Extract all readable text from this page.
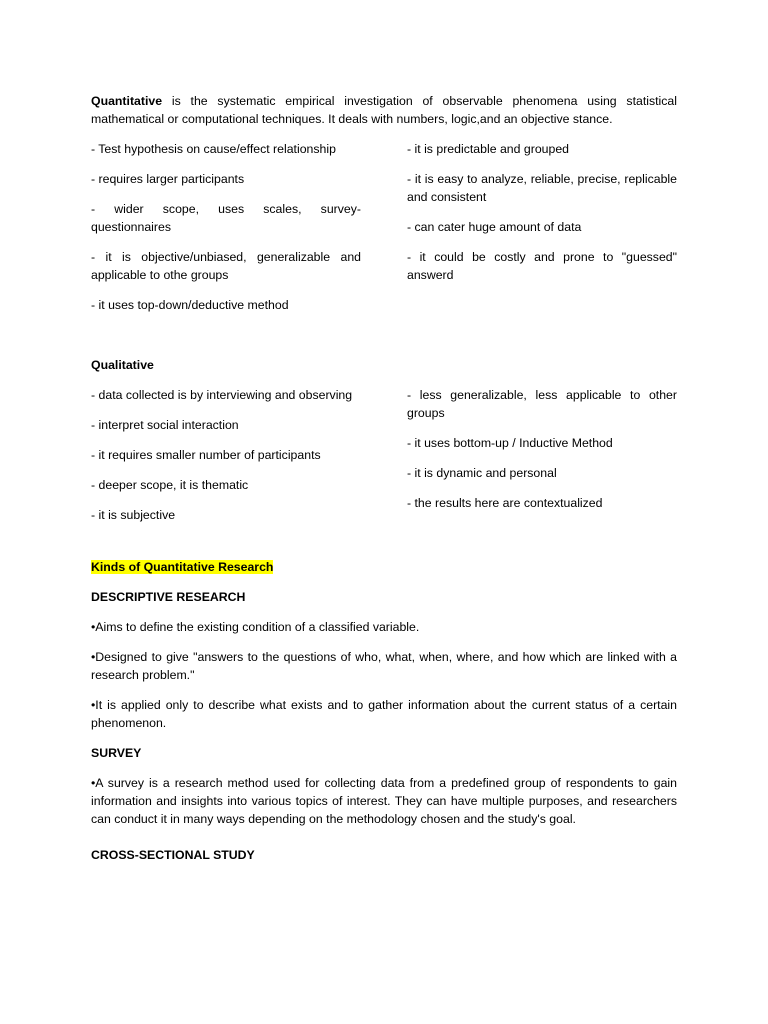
Quantitative is the systematic empirical investigation of observable phenomena using statistical mathematical or computational techniques. It deals with numbers, logic,and an objective stance.

- Test hypothesis on cause/effect relationship

- requires larger participants

- wider scope, uses scales, survey-questionnaires

- it is objective/unbiased, generalizable and applicable to othe groups

- it uses top-down/deductive method

- it is predictable and grouped

- it is easy to analyze, reliable, precise, replicable and consistent

- can cater huge amount of data

- it could be costly and prone to "guessed" answerd

Qualitative

- data collected is by interviewing and observing

- interpret social interaction

- it requires smaller number of participants

- deeper scope, it is thematic

- it is subjective

- less generalizable, less applicable to other groups

- it uses bottom-up / Inductive Method

- it is dynamic and personal

- the results here are contextualized

Kinds of Quantitative Research

DESCRIPTIVE RESEARCH

•Aims to define the existing condition of a classified variable.

•Designed to give "answers to the questions of who, what, when, where, and how which are linked with a research problem."

•It is applied only to describe what exists and to gather information about the current status of a certain phenomenon.

SURVEY

•A survey is a research method used for collecting data from a predefined group of respondents to gain information and insights into various topics of interest. They can have multiple purposes, and researchers can conduct it in many ways depending on the methodology chosen and the study's goal.

CROSS-SECTIONAL STUDY
